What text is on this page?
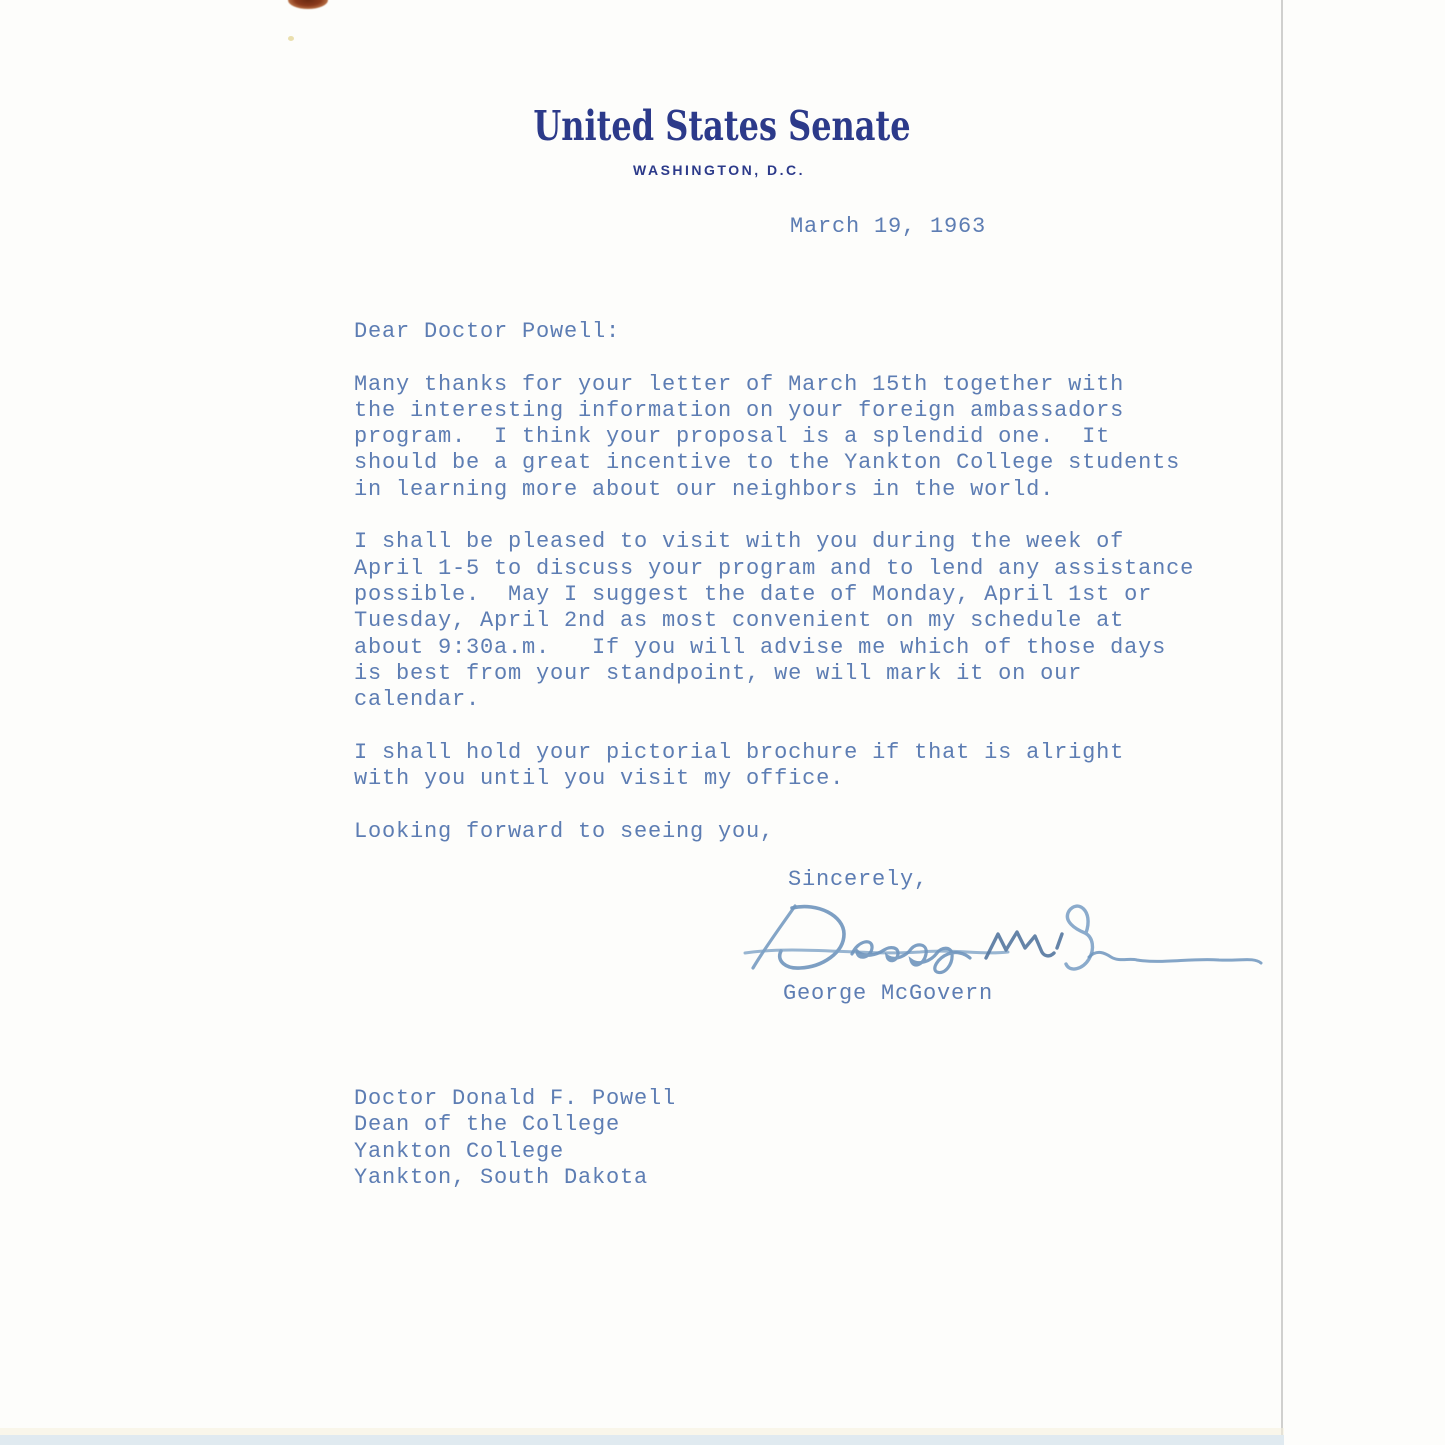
United States Senate
WASHINGTON, D.C.
March 19, 1963
Dear Doctor Powell:
Many thanks for your letter of March 15th together with
the interesting information on your foreign ambassadors
program.  I think your proposal is a splendid one.  It
should be a great incentive to the Yankton College students
in learning more about our neighbors in the world.
I shall be pleased to visit with you during the week of
April 1-5 to discuss your program and to lend any assistance
possible.  May I suggest the date of Monday, April 1st or
Tuesday, April 2nd as most convenient on my schedule at
about 9:30a.m.   If you will advise me which of those days
is best from your standpoint, we will mark it on our
calendar.
I shall hold your pictorial brochure if that is alright
with you until you visit my office.
Looking forward to seeing you,
Sincerely,
George McGovern
Doctor Donald F. Powell
Dean of the College
Yankton College
Yankton, South Dakota
